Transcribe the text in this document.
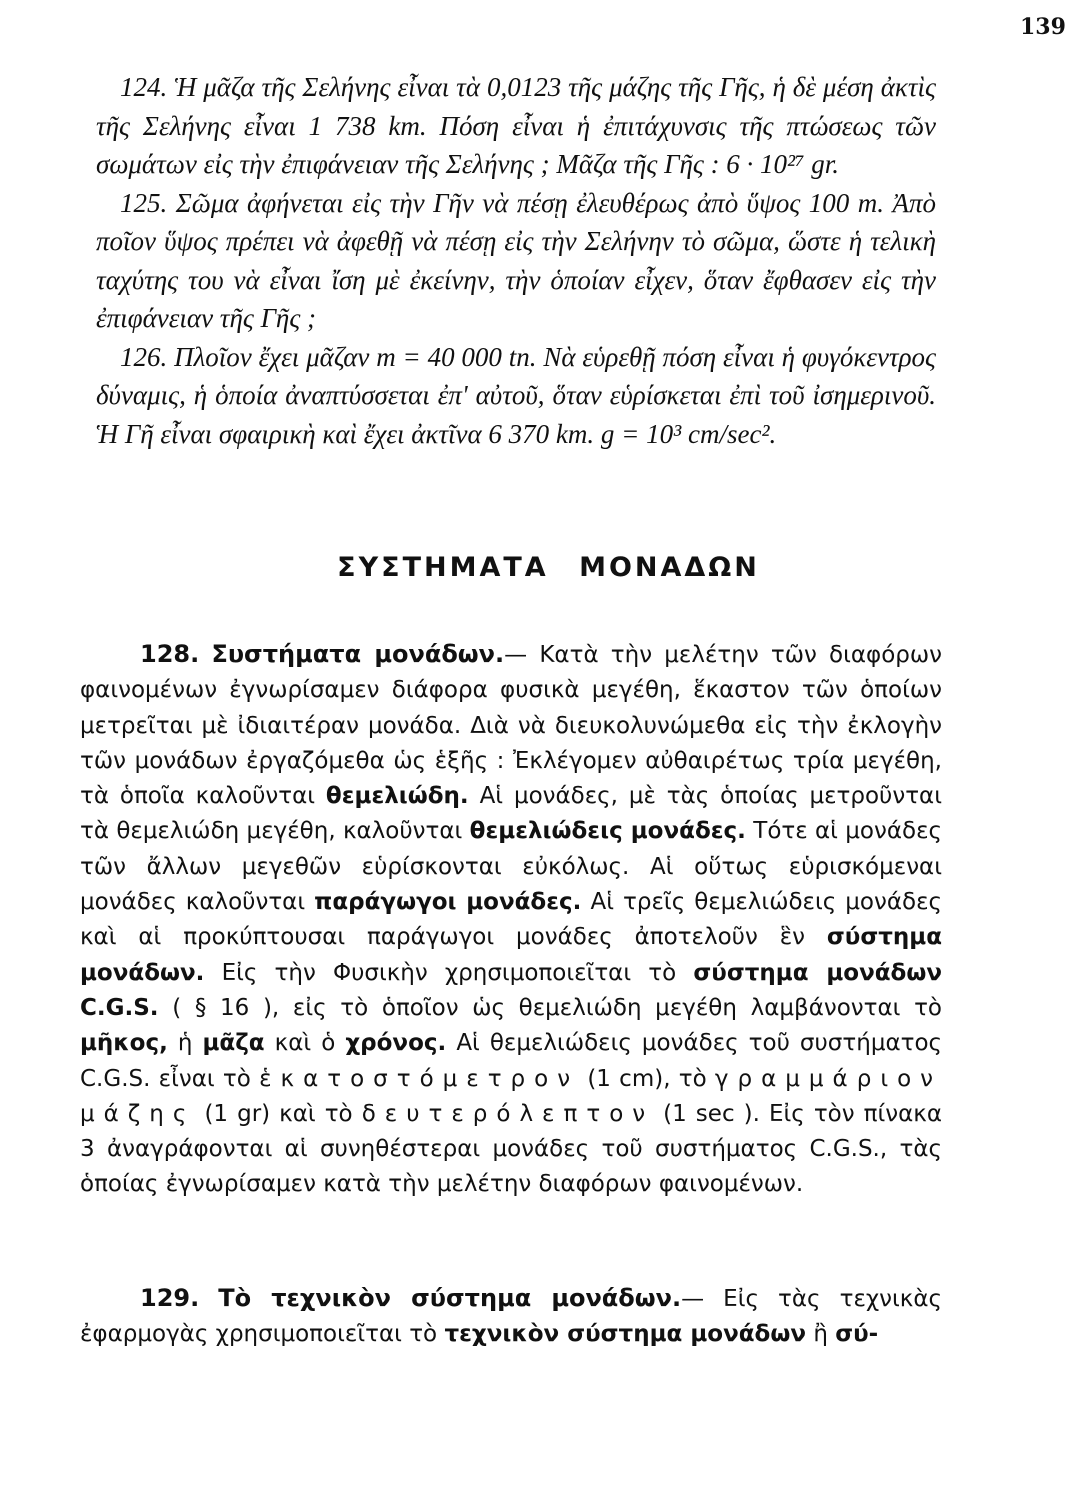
139

124. Ἡ μᾶζα τῆς Σελήνης εἶναι τὰ 0,0123 τῆς μάζης τῆς Γῆς, ἡ δὲ μέση ἀκτὶς τῆς Σελήνης εἶναι 1 738 km. Πόση εἶναι ἡ ἐπιτάχυνσις τῆς πτώσεως τῶν σωμάτων εἰς τὴν ἐπιφάνειαν τῆς Σελήνης ; Μᾶζα τῆς Γῆς : 6 · 10²⁷ gr.

125. Σῶμα ἀφήνεται εἰς τὴν Γῆν νὰ πέσῃ ἐλευθέρως ἀπὸ ὕψος 100 m. Ἀπὸ ποῖον ὕψος πρέπει νὰ ἀφεθῇ νὰ πέσῃ εἰς τὴν Σελήνην τὸ σῶμα, ὥστε ἡ τελικὴ ταχύτης του νὰ εἶναι ἴση μὲ ἐκείνην, τὴν ὁποίαν εἶχεν, ὅταν ἔφθασεν εἰς τὴν ἐπιφάνειαν τῆς Γῆς ;

126. Πλοῖον ἔχει μᾶζαν m = 40 000 tn. Νὰ εὑρεθῇ πόση εἶναι ἡ φυγόκεντρος δύναμις, ἡ ὁποία ἀναπτύσσεται ἐπ' αὐτοῦ, ὅταν εὑρίσκεται ἐπὶ τοῦ ἰσημερινοῦ. Ἡ Γῆ εἶναι σφαιρικὴ καὶ ἔχει ἀκτῖνα 6 370 km. g = 10³ cm/sec².

ΣΥΣΤΗΜΑΤΑ ΜΟΝΑΔΩΝ

128. Συστήματα μονάδων.— Κατὰ τὴν μελέτην τῶν διαφόρων φαινομένων ἐγνωρίσαμεν διάφορα φυσικὰ μεγέθη, ἕκαστον τῶν ὁποίων μετρεῖται μὲ ἰδιαιτέραν μονάδα. Διὰ νὰ διευκολυνώμεθα εἰς τὴν ἐκλογὴν τῶν μονάδων ἐργαζόμεθα ὡς ἑξῆς : Ἐκλέγομεν αὐθαιρέτως τρία μεγέθη, τὰ ὁποῖα καλοῦνται θεμελιώδη. Αἱ μονάδες, μὲ τὰς ὁποίας μετροῦνται τὰ θεμελιώδη μεγέθη, καλοῦνται θεμελιώδεις μονάδες. Τότε αἱ μονάδες τῶν ἄλλων μεγεθῶν εὑρίσκονται εὐκόλως. Αἱ οὕτως εὑρισκόμεναι μονάδες καλοῦνται παράγωγοι μονάδες. Αἱ τρεῖς θεμελιώδεις μονάδες καὶ αἱ προκύπτουσαι παράγωγοι μονάδες ἀποτελοῦν ἓν σύστημα μονάδων. Εἰς τὴν Φυσικὴν χρησιμοποιεῖται τὸ σύστημα μονάδων C.G.S. ( § 16 ), εἰς τὸ ὁποῖον ὡς θεμελιώδη μεγέθη λαμβάνονται τὸ μῆκος, ἡ μᾶζα καὶ ὁ χρόνος. Αἱ θεμελιώδεις μονάδες τοῦ συστήματος C.G.S. εἶναι τὸ ἑκατοστόμετρον (1 cm), τὸ γραμμάριον μάζης (1 gr) καὶ τὸ δευτερόλεπτον (1 sec ). Εἰς τὸν πίνακα 3 ἀναγράφονται αἱ συνηθέστεραι μονάδες τοῦ συστήματος C.G.S., τὰς ὁποίας ἐγνωρίσαμεν κατὰ τὴν μελέτην διαφόρων φαινομένων.

129. Τὸ τεχνικὸν σύστημα μονάδων.— Εἰς τὰς τεχνικὰς ἐφαρμογὰς χρησιμοποιεῖται τὸ τεχνικὸν σύστημα μονάδων ἢ σύ-
